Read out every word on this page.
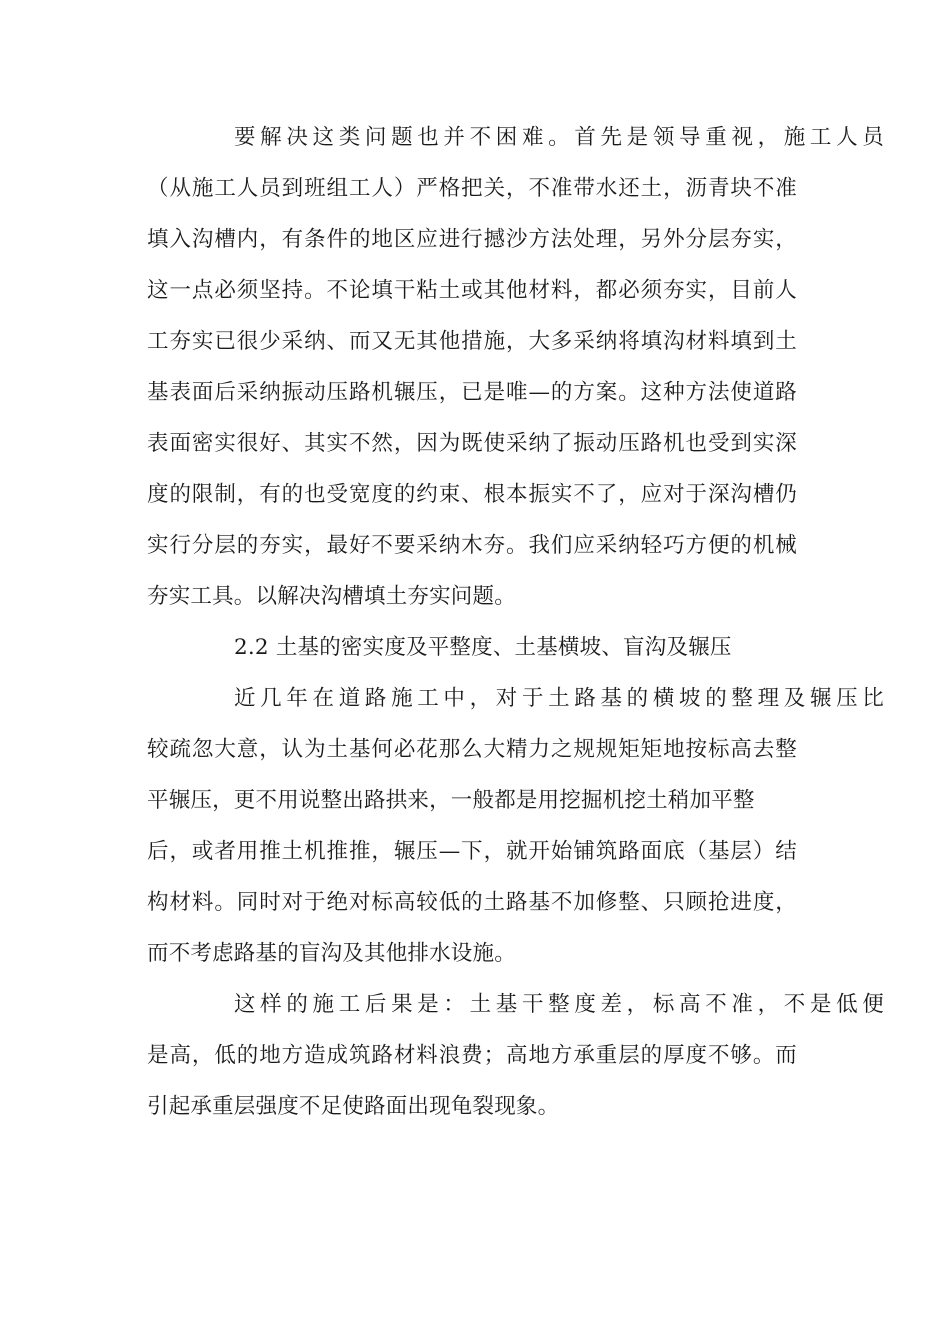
要解决这类问题也并不困难。首先是领导重视，施工人员
（从施工人员到班组工人）严格把关，不准带水还土，沥青块不准
填入沟槽内，有条件的地区应进行撼沙方法处理，另外分层夯实，
这一点必须坚持。不论填干粘土或其他材料，都必须夯实，目前人
工夯实已很少采纳、而又无其他措施，大多采纳将填沟材料填到土
基表面后采纳振动压路机辗压，已是唯—的方案。这种方法使道路
表面密实很好、其实不然，因为既使采纳了振动压路机也受到实深
度的限制，有的也受宽度的约束、根本振实不了，应对于深沟槽仍
实行分层的夯实，最好不要采纳木夯。我们应采纳轻巧方便的机械
夯实工具。以解决沟槽填土夯实问题。

2.2 土基的密实度及平整度、土基横坡、盲沟及辗压

近几年在道路施工中，对于土路基的横坡的整理及辗压比
较疏忽大意，认为土基何必花那么大精力之规规矩矩地按标高去整
平辗压，更不用说整出路拱来，一般都是用挖掘机挖土稍加平整
后，或者用推土机推推，辗压—下，就开始铺筑路面底（基层）结
构材料。同时对于绝对标高较低的土路基不加修整、只顾抢进度，
而不考虑路基的盲沟及其他排水设施。

这样的施工后果是：土基干整度差，标高不准，不是低便
是高，低的地方造成筑路材料浪费；高地方承重层的厚度不够。而
引起承重层强度不足使路面出现龟裂现象。
